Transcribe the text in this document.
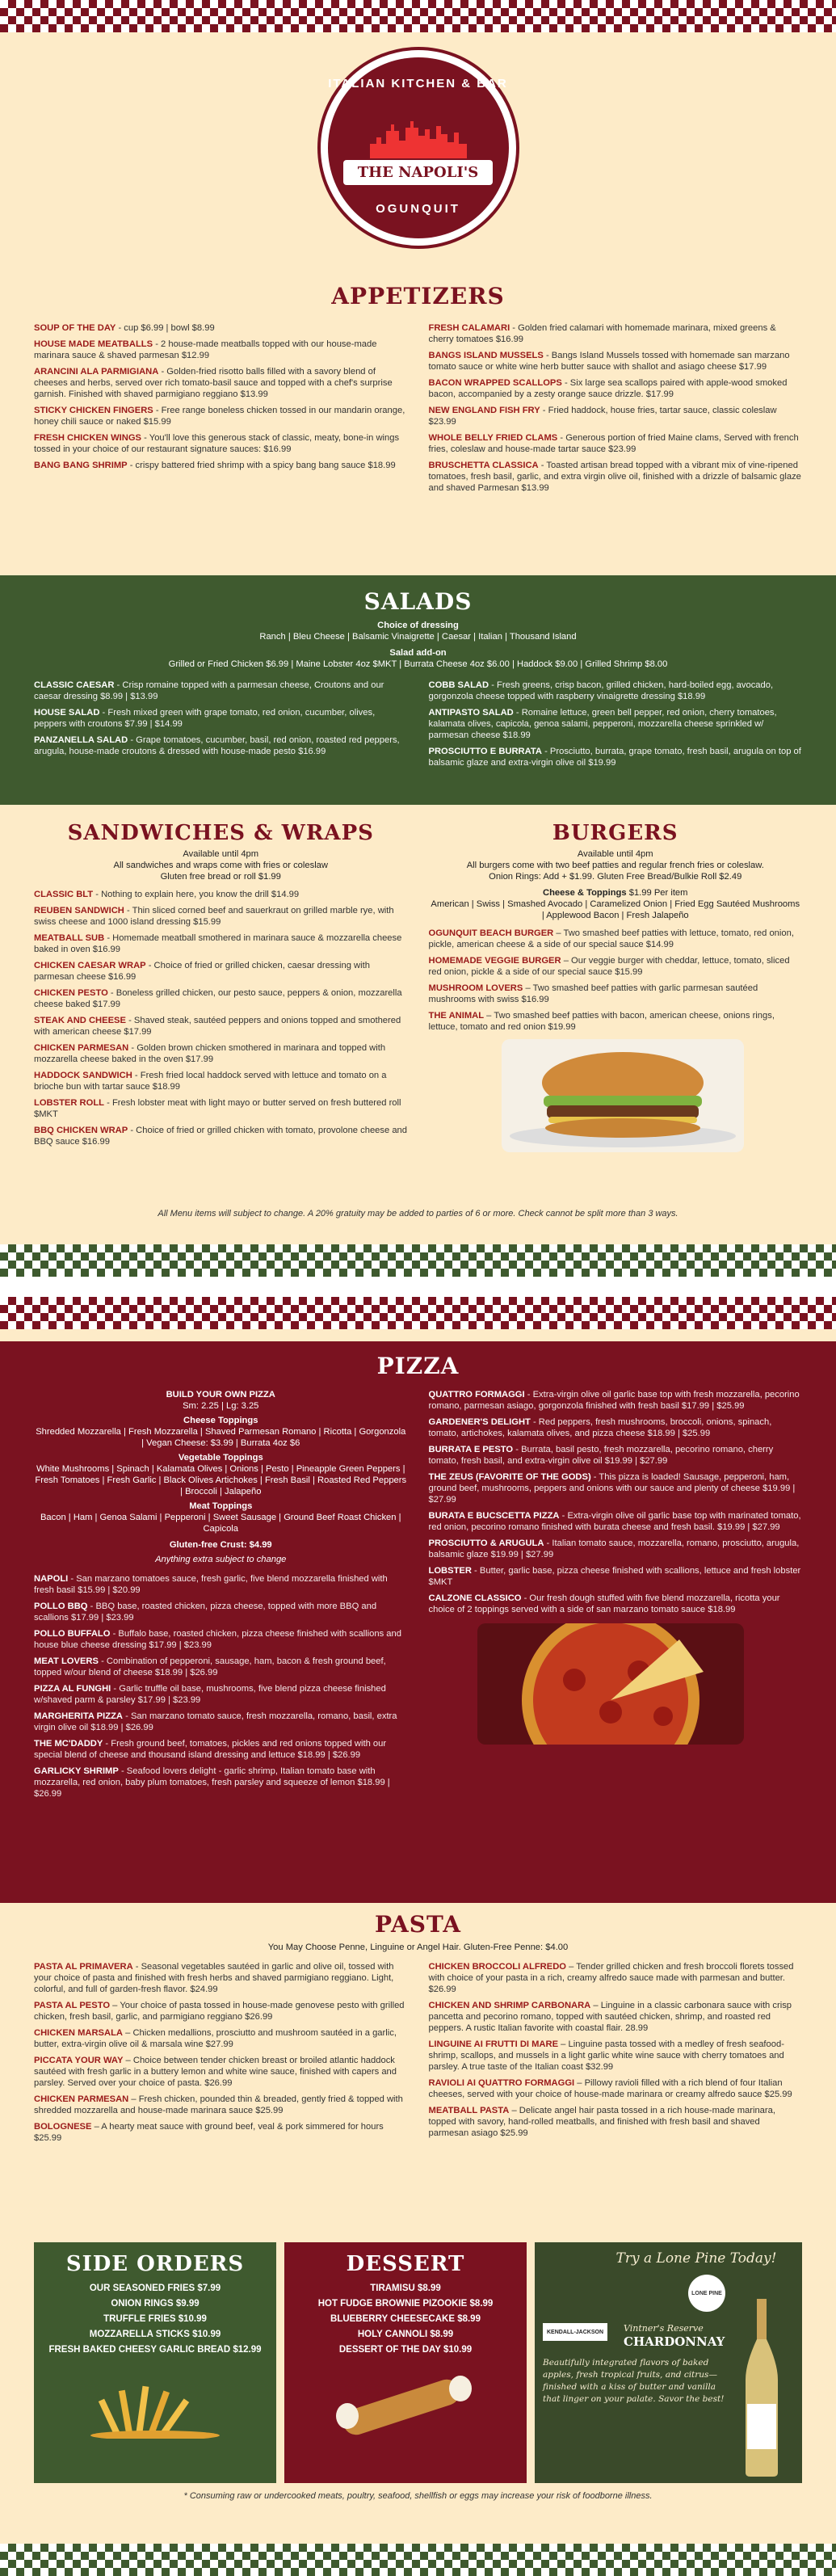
ITALIAN KITCHEN & BAR
THE NAPOLI'S
OGUNQUIT
APPETIZERS
SOUP OF THE DAY - cup $6.99 | bowl $8.99
HOUSE MADE MEATBALLS - 2 house-made meatballs topped with our house-made marinara sauce & shaved parmesan $12.99
ARANCINI ALA PARMIGIANA - Golden-fried risotto balls filled with a savory blend of cheeses and herbs, served over rich tomato-basil sauce and topped with a chef's surprise garnish. Finished with shaved parmigiano reggiano $13.99
STICKY CHICKEN FINGERS - Free range boneless chicken tossed in our mandarin orange, honey chili sauce or naked $15.99
FRESH CHICKEN WINGS - You'll love this generous stack of classic, meaty, bone-in wings tossed in your choice of our restaurant signature sauces: $16.99
BANG BANG SHRIMP - crispy battered fried shrimp with a spicy bang bang sauce $18.99
FRESH CALAMARI - Golden fried calamari with homemade marinara, mixed greens & cherry tomatoes $16.99
BANGS ISLAND MUSSELS - Bangs Island Mussels tossed with homemade san marzano tomato sauce or white wine herb butter sauce with shallot and asiago cheese $17.99
BACON WRAPPED SCALLOPS - Six large sea scallops paired with apple-wood smoked bacon, accompanied by a zesty orange sauce drizzle. $17.99
NEW ENGLAND FISH FRY - Fried haddock, house fries, tartar sauce, classic coleslaw $23.99
WHOLE BELLY FRIED CLAMS - Generous portion of fried Maine clams, Served with french fries, coleslaw and house-made tartar sauce $23.99
BRUSCHETTA CLASSICA - Toasted artisan bread topped with a vibrant mix of vine-ripened tomatoes, fresh basil, garlic, and extra virgin olive oil, finished with a drizzle of balsamic glaze and shaved Parmesan $13.99
SALADS
Choice of dressing
Ranch | Bleu Cheese | Balsamic Vinaigrette | Caesar | Italian | Thousand Island
Salad add-on
Grilled or Fried Chicken $6.99 | Maine Lobster 4oz $MKT | Burrata Cheese 4oz $6.00 | Haddock $9.00 | Grilled Shrimp $8.00
CLASSIC CAESAR - Crisp romaine topped with a parmesan cheese, Croutons and our caesar dressing $8.99 | $13.99
HOUSE SALAD - Fresh mixed green with grape tomato, red onion, cucumber, olives, peppers with croutons $7.99 | $14.99
PANZANELLA SALAD - Grape tomatoes, cucumber, basil, red onion, roasted red peppers, arugula, house-made croutons & dressed with house-made pesto $16.99
COBB SALAD - Fresh greens, crisp bacon, grilled chicken, hard-boiled egg, avocado, gorgonzola cheese topped with raspberry vinaigrette dressing $18.99
ANTIPASTO SALAD - Romaine lettuce, green bell pepper, red onion, cherry tomatoes, kalamata olives, capicola, genoa salami, pepperoni, mozzarella cheese sprinkled w/ parmesan cheese $18.99
PROSCIUTTO E BURRATA - Prosciutto, burrata, grape tomato, fresh basil, arugula on top of balsamic glaze and extra-virgin olive oil $19.99
SANDWICHES & WRAPS
Available until 4pm
All sandwiches and wraps come with fries or coleslaw
Gluten free bread or roll $1.99
CLASSIC BLT - Nothing to explain here, you know the drill $14.99
REUBEN SANDWICH - Thin sliced corned beef and sauerkraut on grilled marble rye, with swiss cheese and 1000 island dressing $15.99
MEATBALL SUB - Homemade meatball smothered in marinara sauce & mozzarella cheese baked in oven $16.99
CHICKEN CAESAR WRAP - Choice of fried or grilled chicken, caesar dressing with parmesan cheese $16.99
CHICKEN PESTO - Boneless grilled chicken, our pesto sauce, peppers & onion, mozzarella cheese baked $17.99
STEAK AND CHEESE - Shaved steak, sautéed peppers and onions topped and smothered with american cheese $17.99
CHICKEN PARMESAN - Golden brown chicken smothered in marinara and topped with mozzarella cheese baked in the oven $17.99
HADDOCK SANDWICH - Fresh fried local haddock served with lettuce and tomato on a brioche bun with tartar sauce $18.99
LOBSTER ROLL - Fresh lobster meat with light mayo or butter served on fresh buttered roll $MKT
BBQ CHICKEN WRAP - Choice of fried or grilled chicken with tomato, provolone cheese and BBQ sauce $16.99
BURGERS
Available until 4pm
All burgers come with two beef patties and regular french fries or coleslaw.
Onion Rings: Add + $1.99. Gluten Free Bread/Bulkie Roll $2.49
Cheese & Toppings $1.99 Per item
American | Swiss | Smashed Avocado | Caramelized Onion | Fried Egg Sautéed Mushrooms | Applewood Bacon | Fresh Jalapeño
OGUNQUIT BEACH BURGER – Two smashed beef patties with lettuce, tomato, red onion, pickle, american cheese & a side of our special sauce $14.99
HOMEMADE VEGGIE BURGER – Our veggie burger with cheddar, lettuce, tomato, sliced red onion, pickle & a side of our special sauce $15.99
MUSHROOM LOVERS – Two smashed beef patties with garlic parmesan sautéed mushrooms with swiss $16.99
THE ANIMAL – Two smashed beef patties with bacon, american cheese, onions rings, lettuce, tomato and red onion $19.99
All Menu items will subject to change. A 20% gratuity may be added to parties of 6 or more. Check cannot be split more than 3 ways.
PIZZA
BUILD YOUR OWN PIZZA
Sm: 2.25 | Lg: 3.25
Cheese Toppings
Shredded Mozzarella | Fresh Mozzarella | Shaved Parmesan Romano | Ricotta | Gorgonzola | Vegan Cheese: $3.99 | Burrata 4oz $6
Vegetable Toppings
White Mushrooms | Spinach | Kalamata Olives | Onions | Pesto | Pineapple Green Peppers | Fresh Tomatoes | Fresh Garlic | Black Olives Artichokes | Fresh Basil | Roasted Red Peppers | Broccoli | Jalapeño
Meat Toppings
Bacon | Ham | Genoa Salami | Pepperoni | Sweet Sausage | Ground Beef Roast Chicken | Capicola
Gluten-free Crust: $4.99
Anything extra subject to change
NAPOLI - San marzano tomatoes sauce, fresh garlic, five blend mozzarella finished with fresh basil $15.99 | $20.99
POLLO BBQ - BBQ base, roasted chicken, pizza cheese, topped with more BBQ and scallions $17.99 | $23.99
POLLO BUFFALO - Buffalo base, roasted chicken, pizza cheese finished with scallions and house blue cheese dressing $17.99 | $23.99
MEAT LOVERS - Combination of pepperoni, sausage, ham, bacon & fresh ground beef, topped w/our blend of cheese $18.99 | $26.99
PIZZA AL FUNGHI - Garlic truffle oil base, mushrooms, five blend pizza cheese finished w/shaved parm & parsley $17.99 | $23.99
MARGHERITA PIZZA - San marzano tomato sauce, fresh mozzarella, romano, basil, extra virgin olive oil $18.99 | $26.99
THE MC'DADDY - Fresh ground beef, tomatoes, pickles and red onions topped with our special blend of cheese and thousand island dressing and lettuce $18.99 | $26.99
GARLICKY SHRIMP - Seafood lovers delight - garlic shrimp, Italian tomato base with mozzarella, red onion, baby plum tomatoes, fresh parsley and squeeze of lemon $18.99 | $26.99
QUATTRO FORMAGGI - Extra-virgin olive oil garlic base top with fresh mozzarella, pecorino romano, parmesan asiago, gorgonzola finished with fresh basil $17.99 | $25.99
GARDENER'S DELIGHT - Red peppers, fresh mushrooms, broccoli, onions, spinach, tomato, artichokes, kalamata olives, and pizza cheese $18.99 | $25.99
BURRATA E PESTO - Burrata, basil pesto, fresh mozzarella, pecorino romano, cherry tomato, fresh basil, and extra-virgin olive oil $19.99 | $27.99
THE ZEUS (FAVORITE OF THE GODS) - This pizza is loaded! Sausage, pepperoni, ham, ground beef, mushrooms, peppers and onions with our sauce and plenty of cheese $19.99 | $27.99
BURATA E BUCSCETTA PIZZA - Extra-virgin olive oil garlic base top with marinated tomato, red onion, pecorino romano finished with burata cheese and fresh basil. $19.99 | $27.99
PROSCIUTTO & ARUGULA - Italian tomato sauce, mozzarella, romano, prosciutto, arugula, balsamic glaze $19.99 | $27.99
LOBSTER - Butter, garlic base, pizza cheese finished with scallions, lettuce and fresh lobster $MKT
CALZONE CLASSICO - Our fresh dough stuffed with five blend mozzarella, ricotta your choice of 2 toppings served with a side of san marzano tomato sauce $18.99
PASTA
You May Choose Penne, Linguine or Angel Hair. Gluten-Free Penne: $4.00
PASTA AL PRIMAVERA - Seasonal vegetables sautéed in garlic and olive oil, tossed with your choice of pasta and finished with fresh herbs and shaved parmigiano reggiano. Light, colorful, and full of garden-fresh flavor. $24.99
PASTA AL PESTO – Your choice of pasta tossed in house-made genovese pesto with grilled chicken, fresh basil, garlic, and parmigiano reggiano $26.99
CHICKEN MARSALA – Chicken medallions, prosciutto and mushroom sautéed in a garlic, butter, extra-virgin olive oil & marsala wine $27.99
PICCATA YOUR WAY – Choice between tender chicken breast or broiled atlantic haddock sautéed with fresh garlic in a buttery lemon and white wine sauce, finished with capers and parsley. Served over your choice of pasta. $26.99
CHICKEN PARMESAN – Fresh chicken, pounded thin & breaded, gently fried & topped with shredded mozzarella and house-made marinara sauce $25.99
BOLOGNESE – A hearty meat sauce with ground beef, veal & pork simmered for hours $25.99
CHICKEN BROCCOLI ALFREDO – Tender grilled chicken and fresh broccoli florets tossed with choice of your pasta in a rich, creamy alfredo sauce made with parmesan and butter. $26.99
CHICKEN AND SHRIMP CARBONARA – Linguine in a classic carbonara sauce with crisp pancetta and pecorino romano, topped with sautéed chicken, shrimp, and roasted red peppers. A rustic Italian favorite with coastal flair. 28.99
LINGUINE AI FRUTTI DI MARE – Linguine pasta tossed with a medley of fresh seafood-shrimp, scallops, and mussels in a light garlic white wine sauce with cherry tomatoes and parsley. A true taste of the Italian coast $32.99
RAVIOLI AI QUATTRO FORMAGGI – Pillowy ravioli filled with a rich blend of four Italian cheeses, served with your choice of house-made marinara or creamy alfredo sauce $25.99
MEATBALL PASTA – Delicate angel hair pasta tossed in a rich house-made marinara, topped with savory, hand-rolled meatballs, and finished with fresh basil and shaved parmesan asiago $25.99
SIDE ORDERS
OUR SEASONED FRIES $7.99
ONION RINGS $9.99
TRUFFLE FRIES $10.99
MOZZARELLA STICKS $10.99
FRESH BAKED CHEESY GARLIC BREAD $12.99
DESSERT
TIRAMISU $8.99
HOT FUDGE BROWNIE PIZOOKIE $8.99
BLUEBERRY CHEESECAKE $8.99
HOLY CANNOLI $8.99
DESSERT OF THE DAY $10.99
Try a Lone Pine Today!
LONE PINE
KENDALL-JACKSON	Vintner's Reserve
CHARDONNAY
Beautifully integrated flavors of baked apples, fresh tropical fruits, and citrus—finished with a kiss of butter and vanilla that linger on your palate. Savor the best!
* Consuming raw or undercooked meats, poultry, seafood, shellfish or eggs may increase your risk of foodborne illness.
